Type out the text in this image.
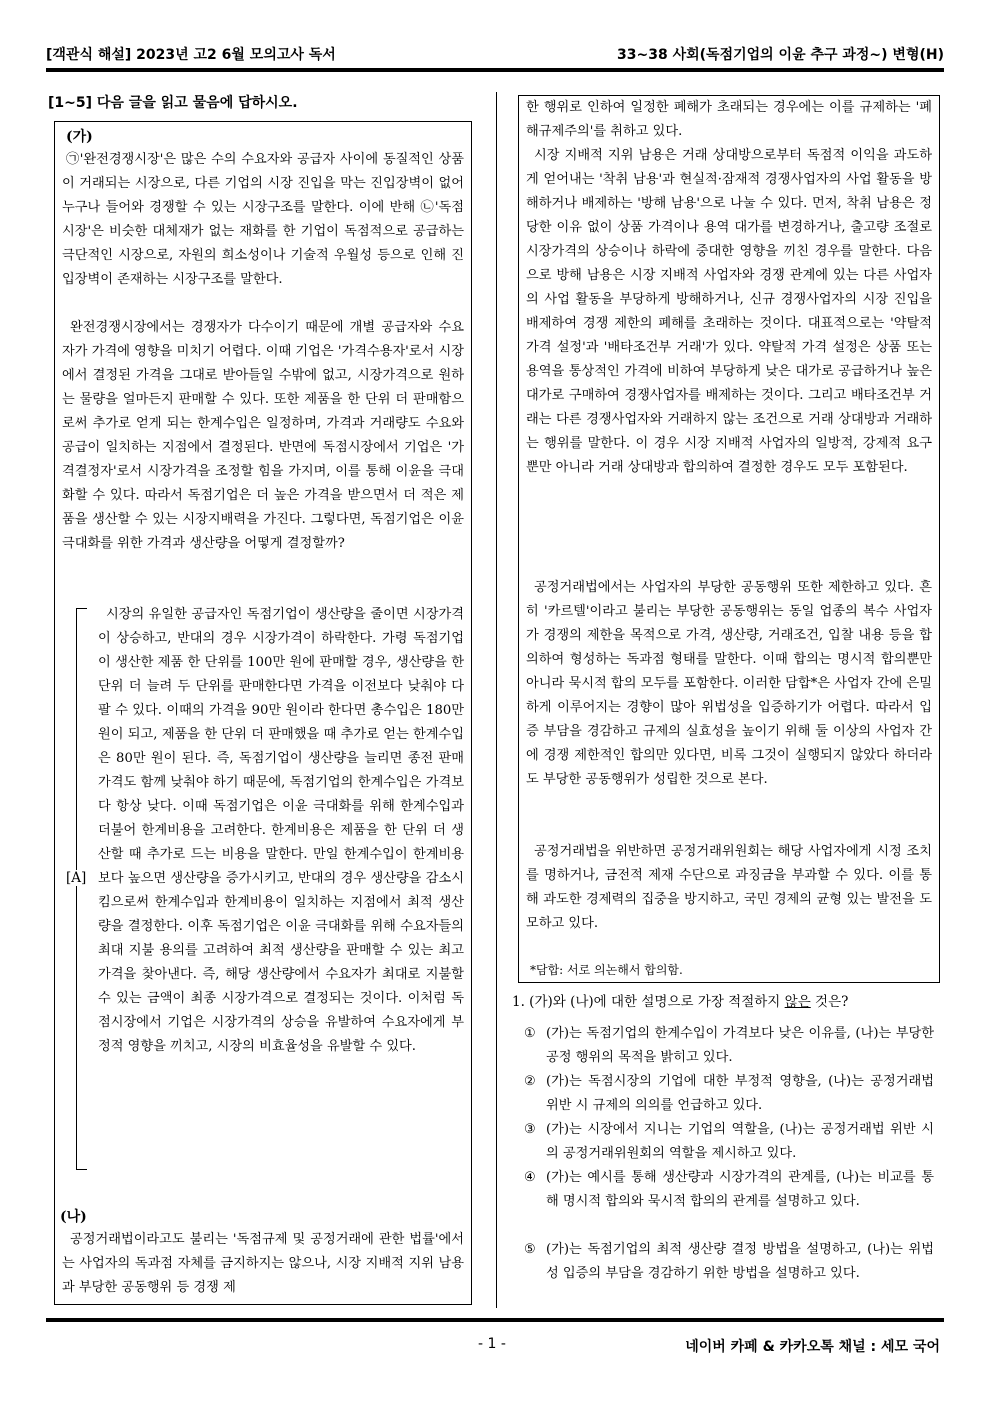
[객관식 해설] 2023년 고2 6월 모의고사 독서	33~38 사회(독점기업의 이윤 추구 과정~) 변형(H)
[1~5] 다음 글을 읽고 물음에 답하시오.
(가)

㉠'완전경쟁시장'은 많은 수의 수요자와 공급자 사이에 동질적인 상품이 거래되는 시장으로, 다른 기업의 시장 진입을 막는 진입장벽이 없어 누구나 들어와 경쟁할 수 있는 시장구조를 말한다. 이에 반해 ㉡'독점시장'은 비슷한 대체재가 없는 재화를 한 기업이 독점적으로 공급하는 극단적인 시장으로, 자원의 희소성이나 기술적 우월성 등으로 인해 진입장벽이 존재하는 시장구조를 말한다.

완전경쟁시장에서는 경쟁자가 다수이기 때문에 개별 공급자와 수요자가 가격에 영향을 미치기 어렵다. 이때 기업은 '가격수용자'로서 시장에서 결정된 가격을 그대로 받아들일 수밖에 없고, 시장가격으로 원하는 물량을 얼마든지 판매할 수 있다. 또한 제품을 한 단위 더 판매함으로써 추가로 얻게 되는 한계수입은 일정하며, 가격과 거래량도 수요와 공급이 일치하는 지점에서 결정된다. 반면에 독점시장에서 기업은 '가격결정자'로서 시장가격을 조정할 힘을 가지며, 이를 통해 이윤을 극대화할 수 있다. 따라서 독점기업은 더 높은 가격을 받으면서 더 적은 제품을 생산할 수 있는 시장지배력을 가진다. 그렇다면, 독점기업은 이윤 극대화를 위한 가격과 생산량을 어떻게 결정할까?

[A]

시장의 유일한 공급자인 독점기업이 생산량을 줄이면 시장가격이 상승하고, 반대의 경우 시장가격이 하락한다. 가령 독점기업이 생산한 제품 한 단위를 100만 원에 판매할 경우, 생산량을 한 단위 더 늘려 두 단위를 판매한다면 가격을 이전보다 낮춰야 다 팔 수 있다. 이때의 가격을 90만 원이라 한다면 총수입은 180만 원이 되고, 제품을 한 단위 더 판매했을 때 추가로 얻는 한계수입은 80만 원이 된다. 즉, 독점기업이 생산량을 늘리면 종전 판매 가격도 함께 낮춰야 하기 때문에, 독점기업의 한계수입은 가격보다 항상 낮다. 이때 독점기업은 이윤 극대화를 위해 한계수입과 더불어 한계비용을 고려한다. 한계비용은 제품을 한 단위 더 생산할 때 추가로 드는 비용을 말한다. 만일 한계수입이 한계비용보다 높으면 생산량을 증가시키고, 반대의 경우 생산량을 감소시킴으로써 한계수입과 한계비용이 일치하는 지점에서 최적 생산량을 결정한다. 이후 독점기업은 이윤 극대화를 위해 수요자들의 최대 지불 용의를 고려하여 최적 생산량을 판매할 수 있는 최고가격을 찾아낸다. 즉, 해당 생산량에서 수요자가 최대로 지불할 수 있는 금액이 최종 시장가격으로 결정되는 것이다. 이처럼 독점시장에서 기업은 시장가격의 상승을 유발하여 수요자에게 부정적 영향을 끼치고, 시장의 비효율성을 유발할 수 있다.

(나)

공정거래법이라고도 불리는 '독점규제 및 공정거래에 관한 법률'에서는 사업자의 독과점 자체를 금지하지는 않으나, 시장 지배적 지위 남용과 부당한 공동행위 등 경쟁 제

한 행위로 인하여 일정한 폐해가 초래되는 경우에는 이를 규제하는 '폐해규제주의'를 취하고 있다.

시장 지배적 지위 남용은 거래 상대방으로부터 독점적 이익을 과도하게 얻어내는 '착취 남용'과 현실적·잠재적 경쟁사업자의 사업 활동을 방해하거나 배제하는 '방해 남용'으로 나눌 수 있다. 먼저, 착취 남용은 정당한 이유 없이 상품 가격이나 용역 대가를 변경하거나, 출고량 조절로 시장가격의 상승이나 하락에 중대한 영향을 끼친 경우를 말한다. 다음으로 방해 남용은 시장 지배적 사업자와 경쟁 관계에 있는 다른 사업자의 사업 활동을 부당하게 방해하거나, 신규 경쟁사업자의 시장 진입을 배제하여 경쟁 제한의 폐해를 초래하는 것이다. 대표적으로는 '약탈적 가격 설정'과 '배타조건부 거래'가 있다. 약탈적 가격 설정은 상품 또는 용역을 통상적인 가격에 비하여 부당하게 낮은 대가로 공급하거나 높은 대가로 구매하여 경쟁사업자를 배제하는 것이다. 그리고 배타조건부 거래는 다른 경쟁사업자와 거래하지 않는 조건으로 거래 상대방과 거래하는 행위를 말한다. 이 경우 시장 지배적 사업자의 일방적, 강제적 요구뿐만 아니라 거래 상대방과 합의하여 결정한 경우도 모두 포함된다.

공정거래법에서는 사업자의 부당한 공동행위 또한 제한하고 있다. 흔히 '카르텔'이라고 불리는 부당한 공동행위는 동일 업종의 복수 사업자가 경쟁의 제한을 목적으로 가격, 생산량, 거래조건, 입찰 내용 등을 합의하여 형성하는 독과점 형태를 말한다. 이때 합의는 명시적 합의뿐만 아니라 묵시적 합의 모두를 포함한다. 이러한 담합*은 사업자 간에 은밀하게 이루어지는 경향이 많아 위법성을 입증하기가 어렵다. 따라서 입증 부담을 경감하고 규제의 실효성을 높이기 위해 둘 이상의 사업자 간에 경쟁 제한적인 합의만 있다면, 비록 그것이 실행되지 않았다 하더라도 부당한 공동행위가 성립한 것으로 본다.

공정거래법을 위반하면 공정거래위원회는 해당 사업자에게 시정 조치를 명하거나, 금전적 제재 수단으로 과징금을 부과할 수 있다. 이를 통해 과도한 경제력의 집중을 방지하고, 국민 경제의 균형 있는 발전을 도모하고 있다.

*담합: 서로 의논해서 합의함.
1. (가)와 (나)에 대한 설명으로 가장 적절하지 않은 것은?
① (가)는 독점기업의 한계수입이 가격보다 낮은 이유를, (나)는 부당한 공정 행위의 목적을 밝히고 있다.
② (가)는 독점시장의 기업에 대한 부정적 영향을, (나)는 공정거래법 위반 시 규제의 의의를 언급하고 있다.
③ (가)는 시장에서 지니는 기업의 역할을, (나)는 공정거래법 위반 시의 공정거래위원회의 역할을 제시하고 있다.
④ (가)는 예시를 통해 생산량과 시장가격의 관계를, (나)는 비교를 통해 명시적 합의와 묵시적 합의의 관계를 설명하고 있다.
⑤ (가)는 독점기업의 최적 생산량 결정 방법을 설명하고, (나)는 위법성 입증의 부담을 경감하기 위한 방법을 설명하고 있다.
- 1 -	네이버 카페 & 카카오톡 채널 : 세모 국어
